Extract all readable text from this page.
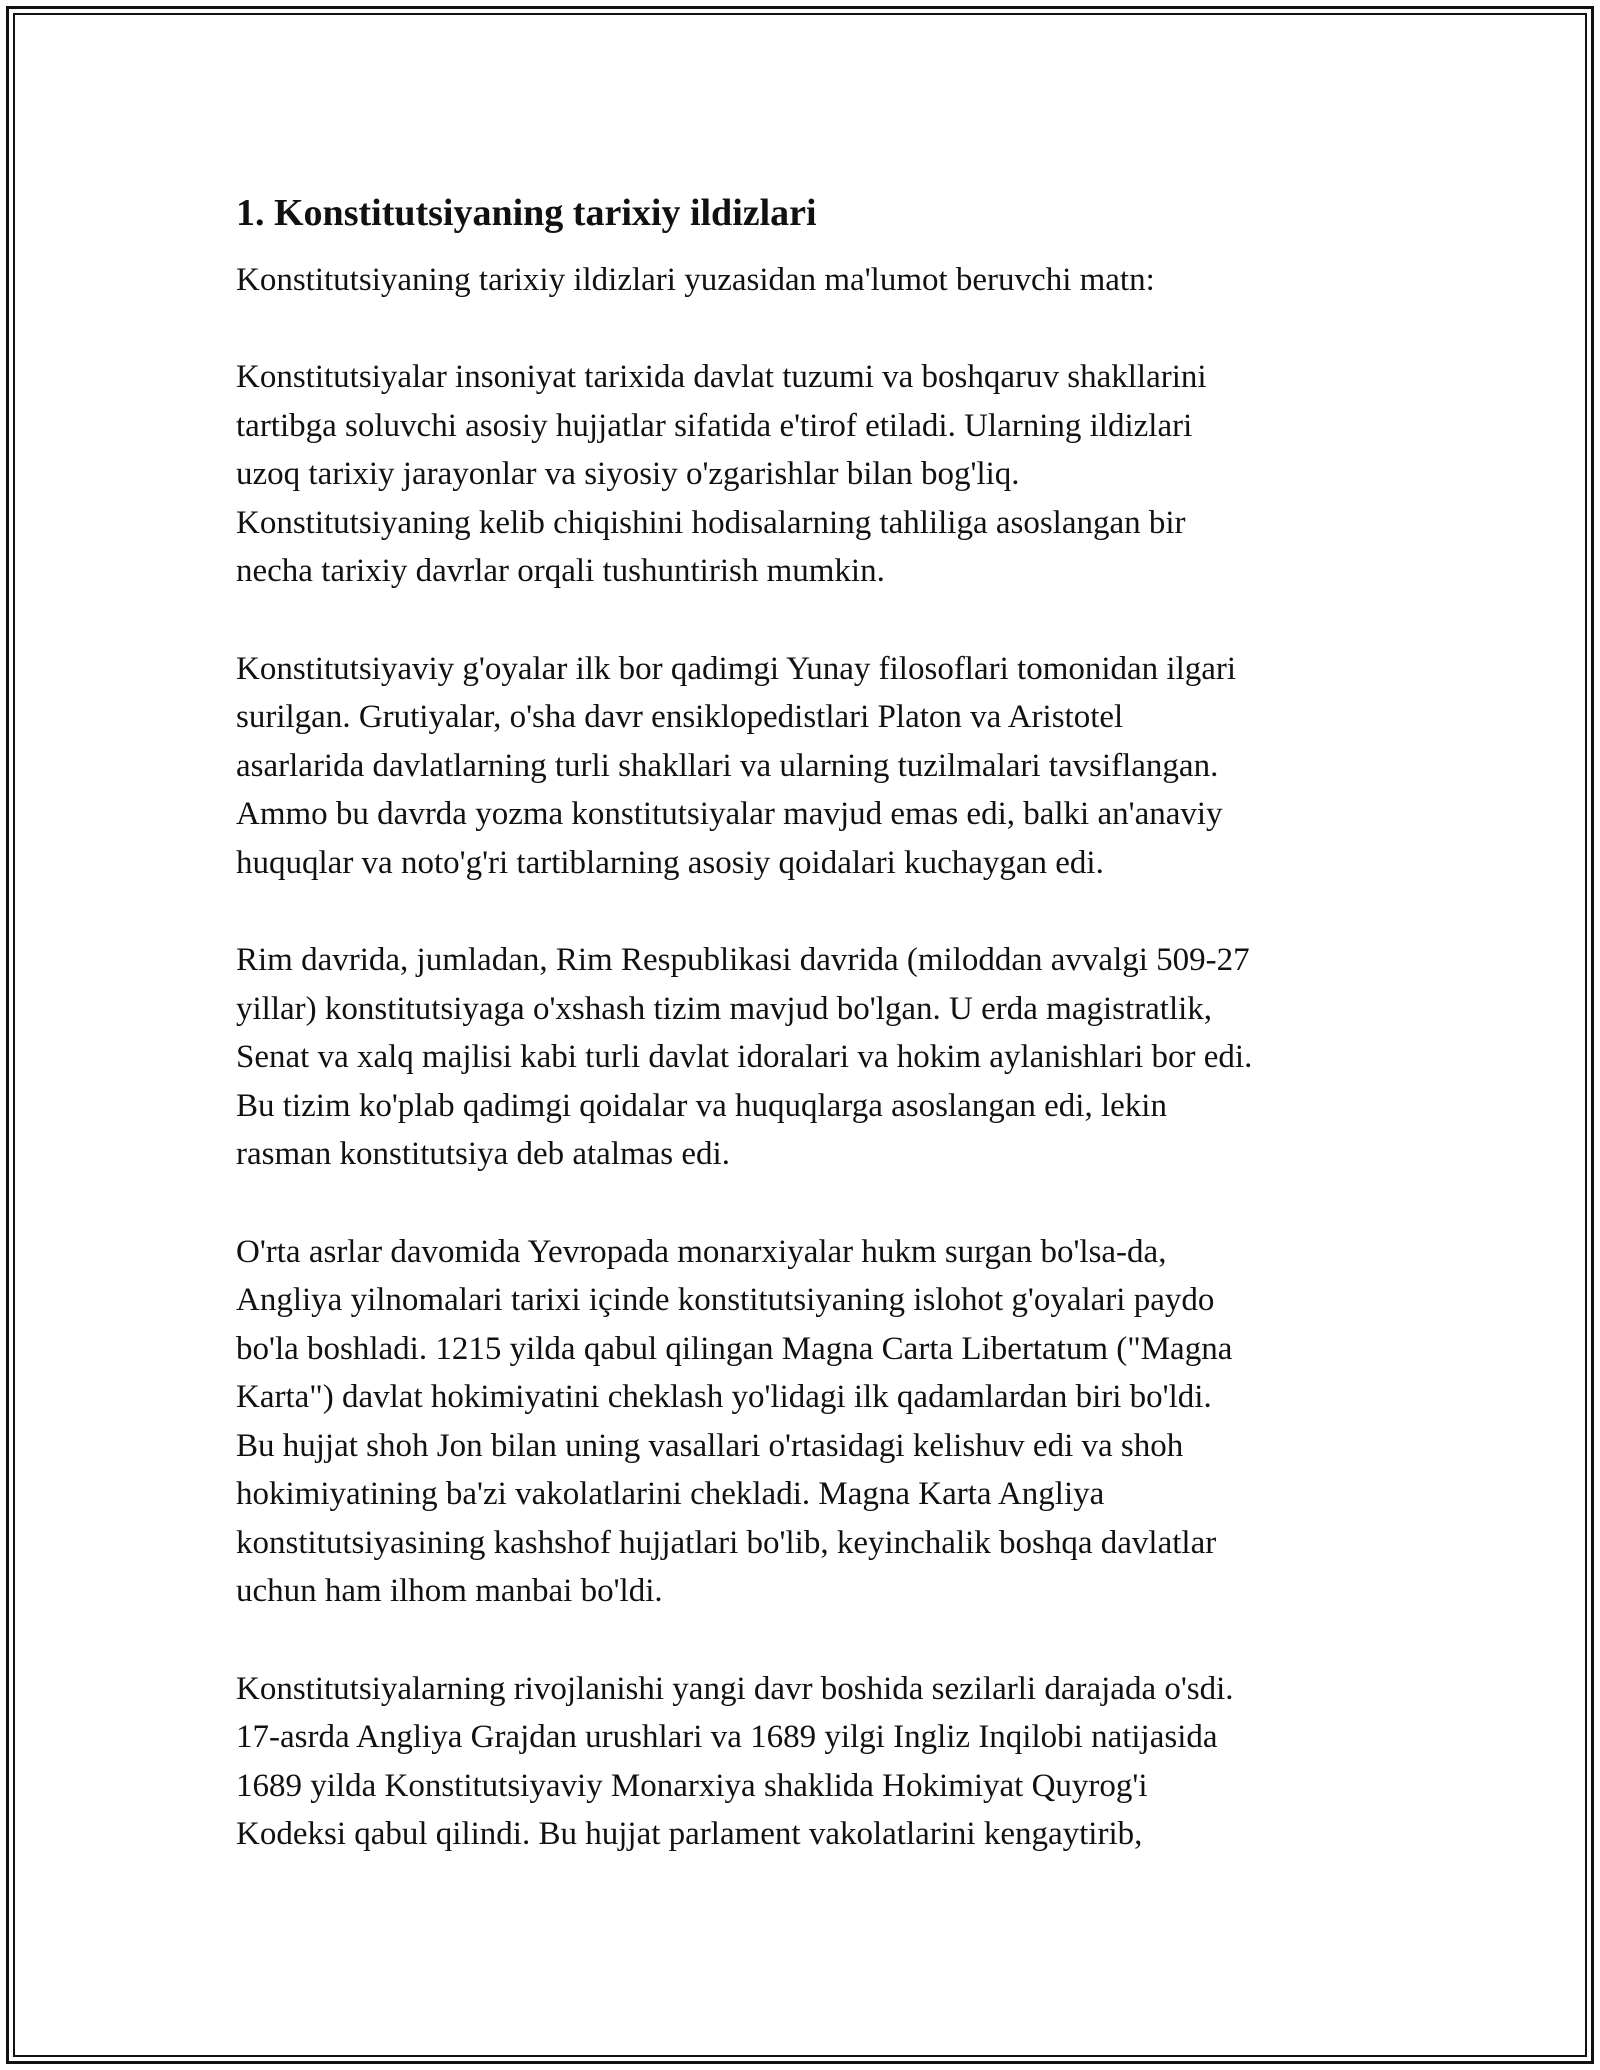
1. Konstitutsiyaning tarixiy ildizlari

Konstitutsiyaning tarixiy ildizlari yuzasidan ma'lumot beruvchi matn:

Konstitutsiyalar insoniyat tarixida davlat tuzumi va boshqaruv shakllarini
tartibga soluvchi asosiy hujjatlar sifatida e'tirof etiladi. Ularning ildizlari
uzoq tarixiy jarayonlar va siyosiy o'zgarishlar bilan bog'liq.
Konstitutsiyaning kelib chiqishini hodisalarning tahliliga asoslangan bir
necha tarixiy davrlar orqali tushuntirish mumkin.

Konstitutsiyaviy g'oyalar ilk bor qadimgi Yunay filosoflari tomonidan ilgari
surilgan. Grutiyalar, o'sha davr ensiklopedistlari Platon va Aristotel
asarlarida davlatlarning turli shakllari va ularning tuzilmalari tavsiflangan.
Ammo bu davrda yozma konstitutsiyalar mavjud emas edi, balki an'anaviy
huquqlar va noto'g'ri tartiblarning asosiy qoidalari kuchaygan edi.

Rim davrida, jumladan, Rim Respublikasi davrida (miloddan avvalgi 509-27
yillar) konstitutsiyaga o'xshash tizim mavjud bo'lgan. U erda magistratlik,
Senat va xalq majlisi kabi turli davlat idoralari va hokim aylanishlari bor edi.
Bu tizim ko'plab qadimgi qoidalar va huquqlarga asoslangan edi, lekin
rasman konstitutsiya deb atalmas edi.

O'rta asrlar davomida Yevropada monarxiyalar hukm surgan bo'lsa-da,
Angliya yilnomalari tarixi içinde konstitutsiyaning islohot g'oyalari paydo
bo'la boshladi. 1215 yilda qabul qilingan Magna Carta Libertatum ("Magna
Karta") davlat hokimiyatini cheklash yo'lidagi ilk qadamlardan biri bo'ldi.
Bu hujjat shoh Jon bilan uning vasallari o'rtasidagi kelishuv edi va shoh
hokimiyatining ba'zi vakolatlarini chekladi. Magna Karta Angliya
konstitutsiyasining kashshof hujjatlari bo'lib, keyinchalik boshqa davlatlar
uchun ham ilhom manbai bo'ldi.

Konstitutsiyalarning rivojlanishi yangi davr boshida sezilarli darajada o'sdi.
17-asrda Angliya Grajdan urushlari va 1689 yilgi Ingliz Inqilobi natijasida
1689 yilda Konstitutsiyaviy Monarxiya shaklida Hokimiyat Quyrog'i
Kodeksi qabul qilindi. Bu hujjat parlament vakolatlarini kengaytirib,
